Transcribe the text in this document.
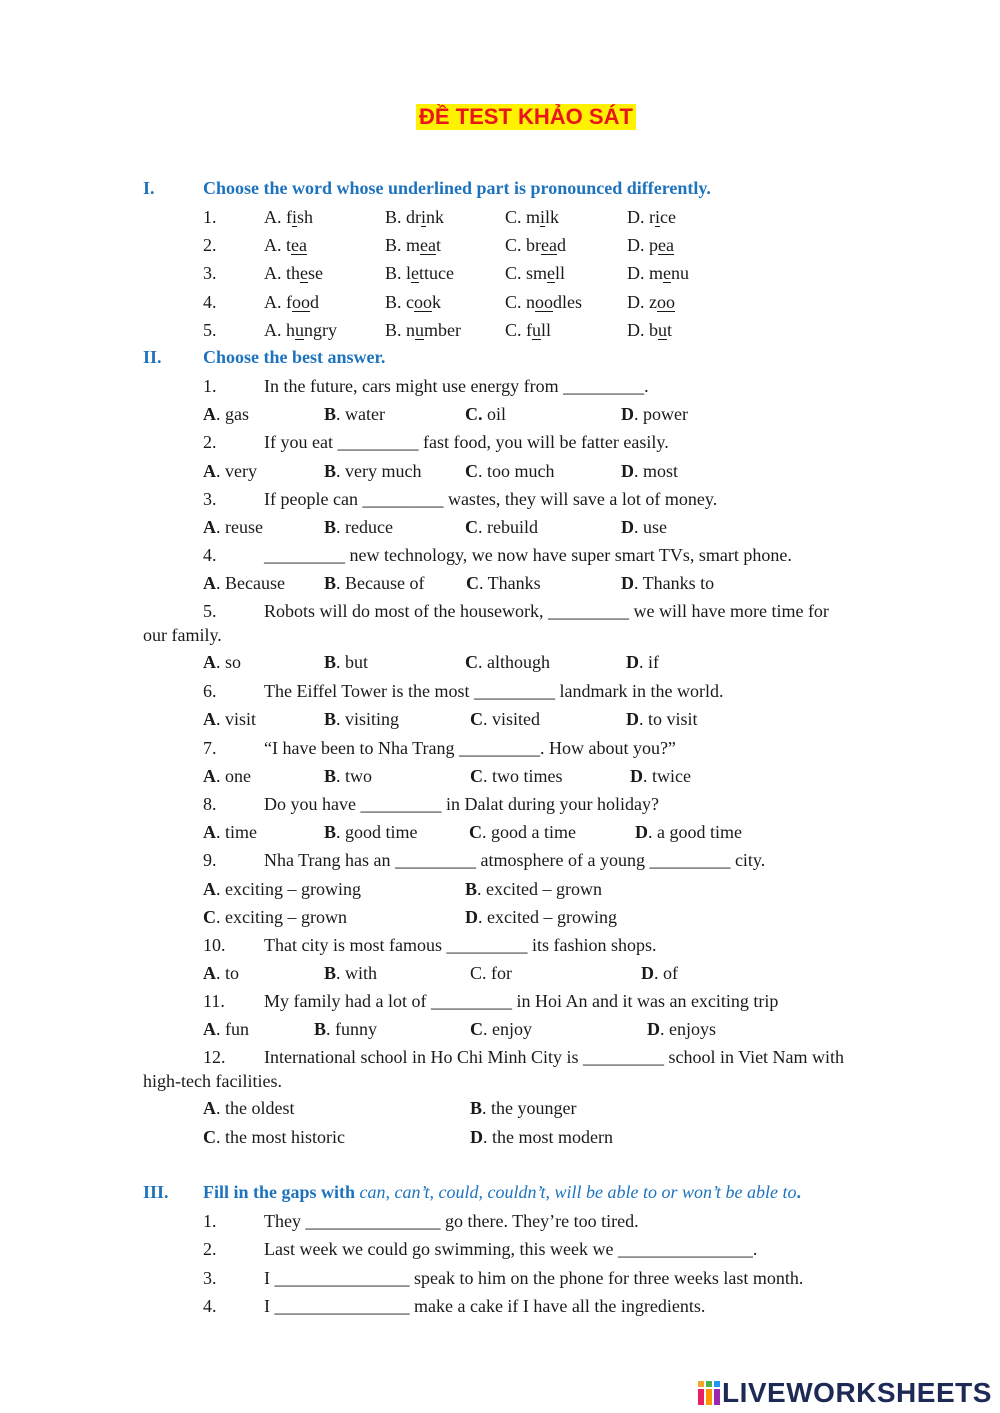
ĐỀ TEST KHẢO SÁT
I.	Choose the word whose underlined part is pronounced differently.
1.	A. fish	B. drink	C. milk	D. rice
2.	A. tea	B. meat	C. bread	D. pea
3.	A. these	B. lettuce	C. smell	D. menu
4.	A. food	B. cook	C. noodles D. zoo
5.	A. hungry	B. number C. full	D. but
II. Choose the best answer.
1.	In the future, cars might use energy from _________.
A. gas	B. water	C. oil	D. power
2.	If you eat _________ fast food, you will be fatter easily.
A. very	B. very much C. too much	D. most
3.	If people can _________ wastes, they will save a lot of money.
A. reuse	B. reduce	C. rebuild	D. use
4.	_________ new technology, we now have super smart TVs, smart phone.
A. Because B. Because of C. Thanks	D. Thanks to
5.	Robots will do most of the housework, _________ we will have more time for
our family.
A. so	B. but	C. although	D. if
6.	The Eiffel Tower is the most _________ landmark in the world.
A. visit	B. visiting	C. visited	D. to visit
7.	“I have been to Nha Trang _________. How about you?”
A. one	B. two	C. two times	D. twice
8.	Do you have _________ in Dalat during your holiday?
A. time	B. good time	C. good a time	D. a good time
9.	Nha Trang has an _________ atmosphere of a young _________ city.
A. exciting – growing	B. excited – grown
C. exciting – grown	D. excited – growing
10. That city is most famous _________ its fashion shops.
A. to	B. with	C. for	D. of
11. My family had a lot of _________ in Hoi An and it was an exciting trip
A. fun	B. funny	C. enjoy	D. enjoys
12. International school in Ho Chi Minh City is _________ school in Viet Nam with
high-tech facilities.
A. the oldest	B. the younger
C. the most historic	D. the most modern
III. Fill in the gaps with can, can’t, could, couldn’t, will be able to or won’t be able to.
1.	They _______________ go there. They’re too tired.
2.	Last week we could go swimming, this week we _______________.
3.	I _______________ speak to him on the phone for three weeks last month.
4.	I _______________ make a cake if I have all the ingredients.
LIVEWORKSHEETS
